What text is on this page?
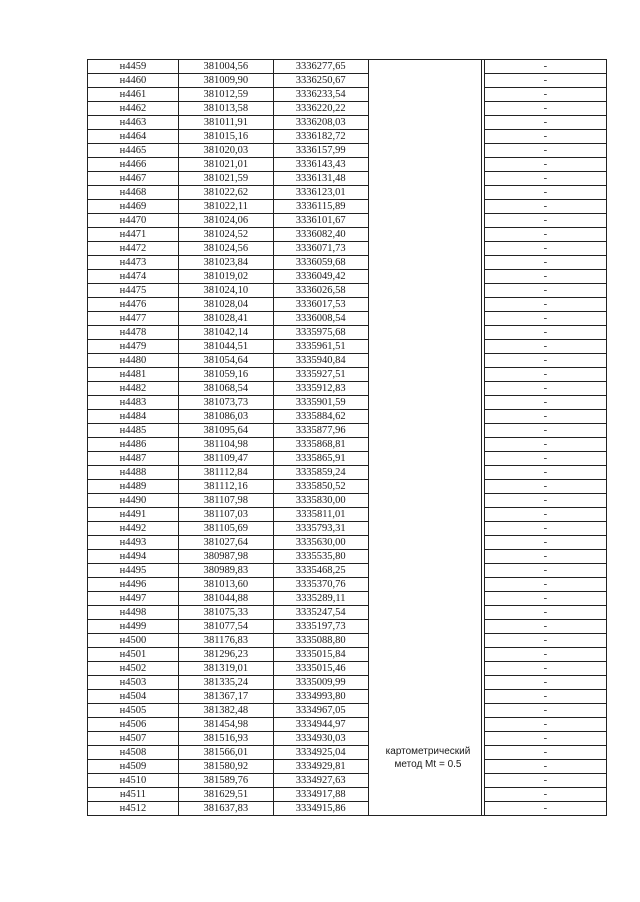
н4459	381004,56	3336277,65			-
н4460	381009,90	3336250,67			-
н4461	381012,59	3336233,54			-
н4462	381013,58	3336220,22			-
н4463	381011,91	3336208,03			-
н4464	381015,16	3336182,72			-
н4465	381020,03	3336157,99			-
н4466	381021,01	3336143,43			-
н4467	381021,59	3336131,48			-
н4468	381022,62	3336123,01			-
н4469	381022,11	3336115,89			-
н4470	381024,06	3336101,67			-
н4471	381024,52	3336082,40			-
н4472	381024,56	3336071,73			-
н4473	381023,84	3336059,68			-
н4474	381019,02	3336049,42			-
н4475	381024,10	3336026,58			-
н4476	381028,04	3336017,53			-
н4477	381028,41	3336008,54			-
н4478	381042,14	3335975,68			-
н4479	381044,51	3335961,51			-
н4480	381054,64	3335940,84			-
н4481	381059,16	3335927,51			-
н4482	381068,54	3335912,83			-
н4483	381073,73	3335901,59			-
н4484	381086,03	3335884,62			-
н4485	381095,64	3335877,96			-
н4486	381104,98	3335868,81			-
н4487	381109,47	3335865,91			-
н4488	381112,84	3335859,24			-
н4489	381112,16	3335850,52			-
н4490	381107,98	3335830,00			-
н4491	381107,03	3335811,01			-
н4492	381105,69	3335793,31			-
н4493	381027,64	3335630,00			-
н4494	380987,98	3335535,80			-
н4495	380989,83	3335468,25			-
н4496	381013,60	3335370,76			-
н4497	381044,88	3335289,11			-
н4498	381075,33	3335247,54			-
н4499	381077,54	3335197,73			-
н4500	381176,83	3335088,80			-
н4501	381296,23	3335015,84			-
н4502	381319,01	3335015,46			-
н4503	381335,24	3335009,99			-
н4504	381367,17	3334993,80			-
н4505	381382,48	3334967,05			-
н4506	381454,98	3334944,97			-
н4507	381516,93	3334930,03			-
н4508	381566,01	3334925,04			-
н4509	381580,92	3334929,81			-
н4510	381589,76	3334927,63			-
н4511	381629,51	3334917,88			-
н4512	381637,83	3334915,86			-
картометрический
метод Mt = 0.5
